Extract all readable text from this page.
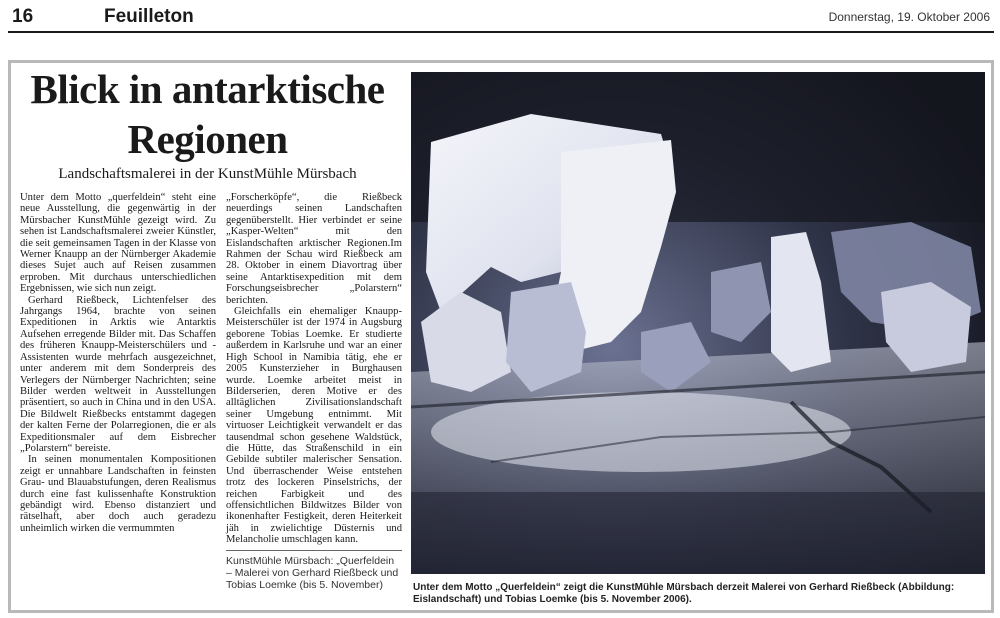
16	Feuilleton	Donnerstag, 19. Oktober 2006
Blick in antarktische
Regionen
Landschaftsmalerei in der KunstMühle Mürsbach

Unter dem Motto „querfeldein“ steht eine neue Ausstellung, die gegenwärtig in der Mürsbacher KunstMühle gezeigt wird. Zu sehen ist Landschaftsmalerei zweier Künstler, die seit gemeinsamen Tagen in der Klasse von Werner Knaupp an der Nürnberger Akademie dieses Sujet auch auf Reisen zusammen erproben. Mit durchaus unterschiedlichen Ergebnissen, wie sich nun zeigt.

Gerhard Rießbeck, Lichtenfelser des Jahrgangs 1964, brachte von seinen Expeditionen in Arktis wie Antarktis Aufsehen erregende Bilder mit. Das Schaffen des früheren Knaupp-Meisterschülers und -Assistenten wurde mehrfach ausgezeichnet, unter anderem mit dem Sonderpreis des Verlegers der Nürnberger Nachrichten; seine Bilder werden weltweit in Ausstellungen präsentiert, so auch in China und in den USA. Die Bildwelt Rießbecks entstammt dagegen der kalten Ferne der Polarregionen, die er als Expeditionsmaler auf dem Eisbrecher „Polarstern“ bereiste.

In seinen monumentalen Kompositionen zeigt er unnahbare Landschaften in feinsten Grau- und Blauabstufungen, deren Realismus durch eine fast kulissenhafte Konstruktion gebändigt wird. Ebenso distanziert und rätselhaft, aber doch auch geradezu unheimlich wirken die vermummten

„Forscherköpfe“, die Rießbeck neuerdings seinen Landschaften gegenüberstellt. Hier verbindet er seine „Kasper-Welten“ mit den Eislandschaften arktischer Regionen.Im Rahmen der Schau wird Rießbeck am 28. Oktober in einem Diavortrag über seine Antarktisexpedition mit dem Forschungseisbrecher „Polarstern“ berichten.

Gleichfalls ein ehemaliger Knaupp-Meisterschüler ist der 1974 in Augsburg geborene Tobias Loemke. Er studierte außerdem in Karlsruhe und war an einer High School in Namibia tätig, ehe er 2005 Kunsterzieher in Burghausen wurde. Loemke arbeitet meist in Bilderserien, deren Motive er des alltäglichen Zivilisationslandschaft seiner Umgebung entnimmt. Mit virtuoser Leichtigkeit verwandelt er das tausendmal schon gesehene Waldstück, die Hütte, das Straßenschild in ein Gebilde subtiler malerischer Sensation. Und überraschender Weise entstehen trotz des lockeren Pinselstrichs, der reichen Farbigkeit und des offensichtlichen Bildwitzes Bilder von ikonenhafter Festigkeit, deren Heiterkeit jäh in zwielichtige Düsternis und Melancholie umschlagen kann.

KunstMühle Mürsbach: „Querfeldein – Malerei von Gerhard Rießbeck und Tobias Loemke (bis 5. November)	Unter dem Motto „Querfeldein“ zeigt die KunstMühle Mürsbach derzeit Malerei von Gerhard Rießbeck (Abbildung: Eislandschaft) und Tobias Loemke (bis 5. November 2006).
